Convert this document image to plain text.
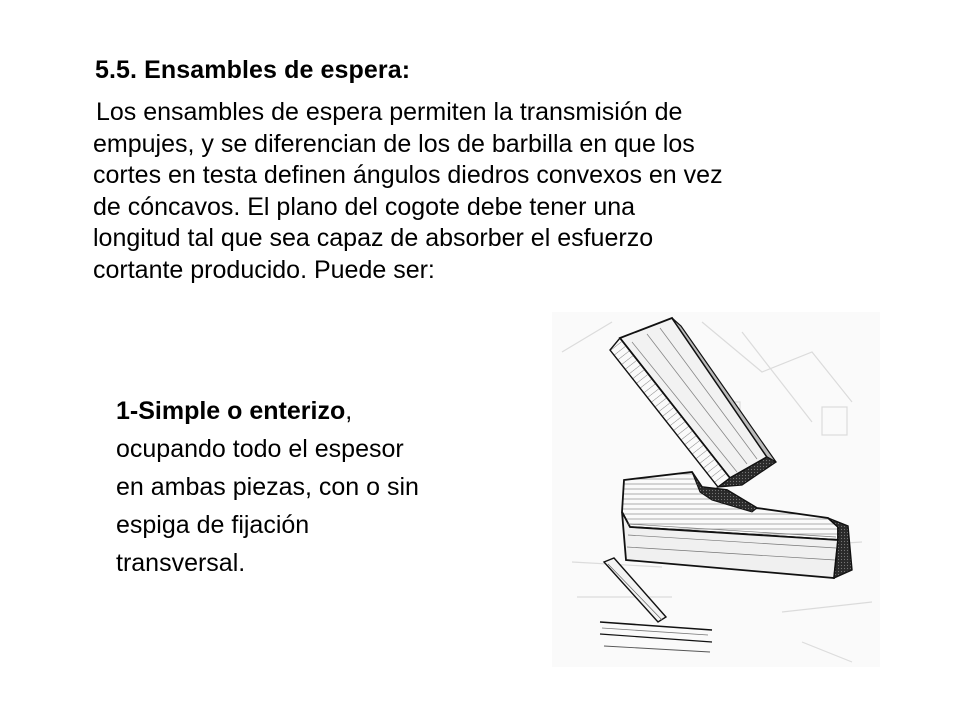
5.5. Ensambles de espera:
Los ensambles de espera permiten la transmisión de
empujes, y se diferencian de los de barbilla en que los
cortes en testa definen ángulos diedros convexos en vez
de cóncavos. El plano del cogote debe tener una
longitud tal que sea capaz de absorber el esfuerzo
cortante producido. Puede ser:
1-Simple o enterizo,
ocupando todo el espesor
en ambas piezas, con o sin
espiga de fijación
transversal.
